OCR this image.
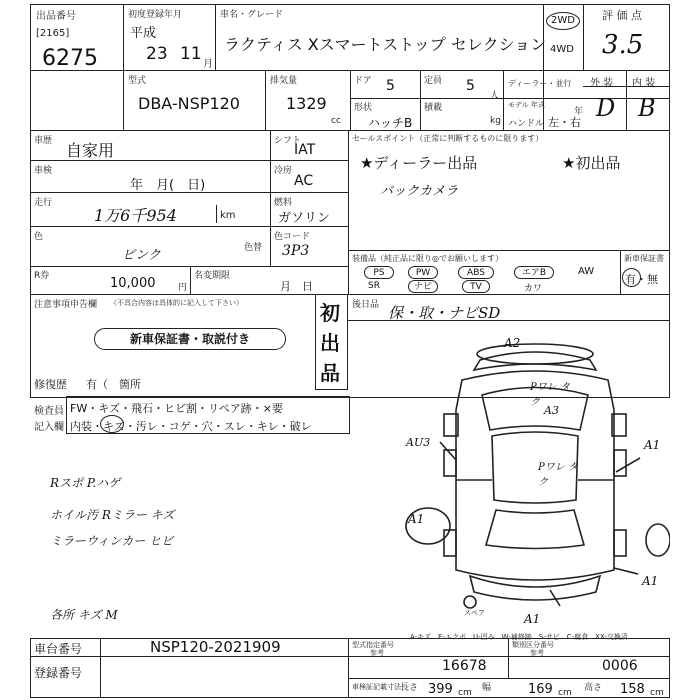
出品番号
[2165]
6275
初度登録年月
平成
23 11
月
車名・グレード
ラクティス Xスマートストップ セレクション
2WD
4WD
評 価 点
3.5
型式
DBA-NSP120
排気量
1329
cc
ドア 5	定員 5
人
ディーラー・並行
形状
ハッチB
積載
kg
モデル 年式
年
ハンドル 左・右
外 装 内 装
D B
車歴 自家用	シフト
IAT
車検
年　月(　日)
冷房
AC
走行
1万6千954	km
燃料
ガソリン
色
ピンク	色替
色コード
3P3
R券	10,000	円
名変期限
月　日
セールスポイント（正常に判断するものに限ります）
★ディーラー出品	★初出品
バックカメラ
装備品（純正品に限り◎でお願いします）	新車保証書
PS	PW	ABS	エアB	AW
SR	ナビ	TV	カワ
有・無
注意事項申告欄 （不具合内容は具体的に記入して下さい）
新車保証書・取説付き
初出品
修復歴 有（　箇所
後日品 保・取・ナビSD
検査員
記入欄
FW・キズ・飛石・ヒビ割・リペア跡・×要
内装・キズ・汚レ・コゲ・穴・スレ・キレ・破レ
Rスポ P.ハゲ
ホイル汚 Rミラー キズ
ミラーウィンカー ヒビ
各所 キズ M
A2
Pワレ タク
A3
AU3	A1
Pワレ タク
A1
A1
A1
スペア
A-キズ　E-エクボ　U-凹み　W-補修跡　S-サビ　C-腐食　XX-交換済
車台番号	NSP120-2021909
登録番号
型式指定番号
参考
16678
類別区分番号
参考
0006
車検証記載寸法 長さ 399 cm 幅	169 cm 高さ 158 cm
